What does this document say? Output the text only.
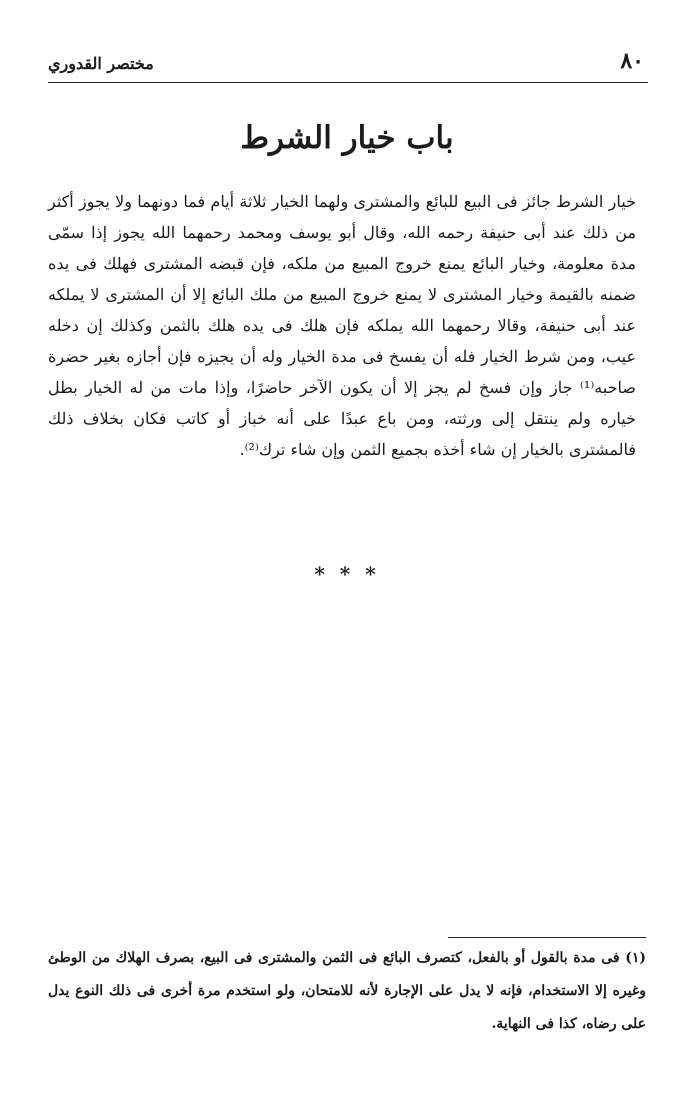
٨٠
مختصر القدوري
باب خيار الشرط

خيار الشرط جائز فى البيع للبائع والمشترى ولهما الخيار ثلاثة أيام فما دونهما ولا يجوز أكثر من ذلك عند أبى حنيفة رحمه الله، وقال أبو يوسف ومحمد رحمهما الله يجوز إذا سمّى مدة معلومة، وخيار البائع يمنع خروج المبيع من ملكه، فإن قبضه المشترى فهلك فى يده ضمنه بالقيمة وخيار المشترى لا يمنع خروج المبيع من ملك البائع إلا أن المشترى لا يملكه عند أبى حنيفة، وقالا رحمهما الله يملكه فإن هلك فى يده هلك بالثمن وكذلك إن دخله عيب، ومن شرط الخيار فله أن يفسخ فى مدة الخيار وله أن يجيزه فإن أجازه بغير حضرة صاحبه⁽¹⁾ جاز وإن فسخ لم يجز إلا أن يكون الآخر حاضرًا، وإذا مات من له الخيار بطل خياره ولم ينتقل إلى ورثته، ومن باع عبدًا على أنه خباز أو كاتب فكان بخلاف ذلك فالمشترى بالخيار إن شاء أخذه بجميع الثمن وإن شاء ترك⁽²⁾.

* * *

(١) فى مدة بالقول أو بالفعل، كتصرف البائع فى الثمن والمشترى فى البيع، بصرف الهلاك من الوطئ وغيره إلا الاستخدام، فإنه لا يدل على الإجارة لأنه للامتحان، ولو استخدم مرة أخرى فى ذلك النوع يدل على رضاه، كذا فى النهاية.
